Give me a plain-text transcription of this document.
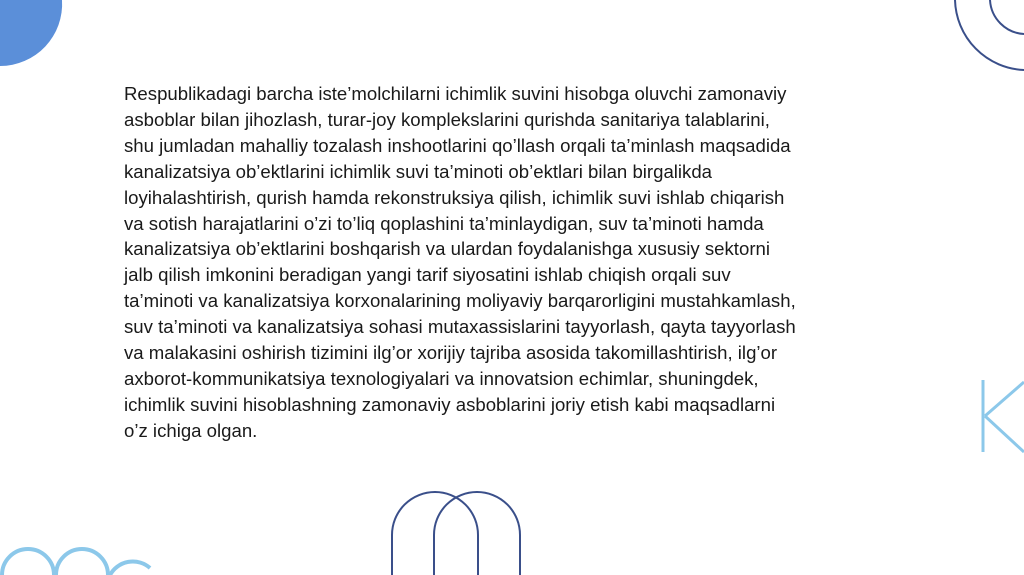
Respublikadagi barcha iste’molchilarni ichimlik suvini hisobga oluvchi zamonaviy
asboblar bilan jihozlash, turar-joy komplekslarini qurishda sanitariya talablarini,
shu jumladan mahalliy tozalash inshootlarini qo’llash orqali ta’minlash maqsadida
kanalizatsiya ob’ektlarini ichimlik suvi ta’minoti ob’ektlari bilan birgalikda
loyihalashtirish, qurish hamda rekonstruksiya qilish, ichimlik suvi ishlab chiqarish
va sotish harajatlarini o’zi to’liq qoplashini ta’minlaydigan, suv ta’minoti hamda
kanalizatsiya ob’ektlarini boshqarish va ulardan foydalanishga xususiy sektorni
jalb qilish imkonini beradigan yangi tarif siyosatini ishlab chiqish orqali suv
ta’minoti va kanalizatsiya korxonalarining moliyaviy barqarorligini mustahkamlash,
suv ta’minoti va kanalizatsiya sohasi mutaxassislarini tayyorlash, qayta tayyorlash
va malakasini oshirish tizimini ilg’or xorijiy tajriba asosida takomillashtirish, ilg’or
axborot-kommunikatsiya texnologiyalari va innovatsion echimlar, shuningdek,
ichimlik suvini hisoblashning zamonaviy asboblarini joriy etish kabi maqsadlarni
o’z ichiga olgan.
